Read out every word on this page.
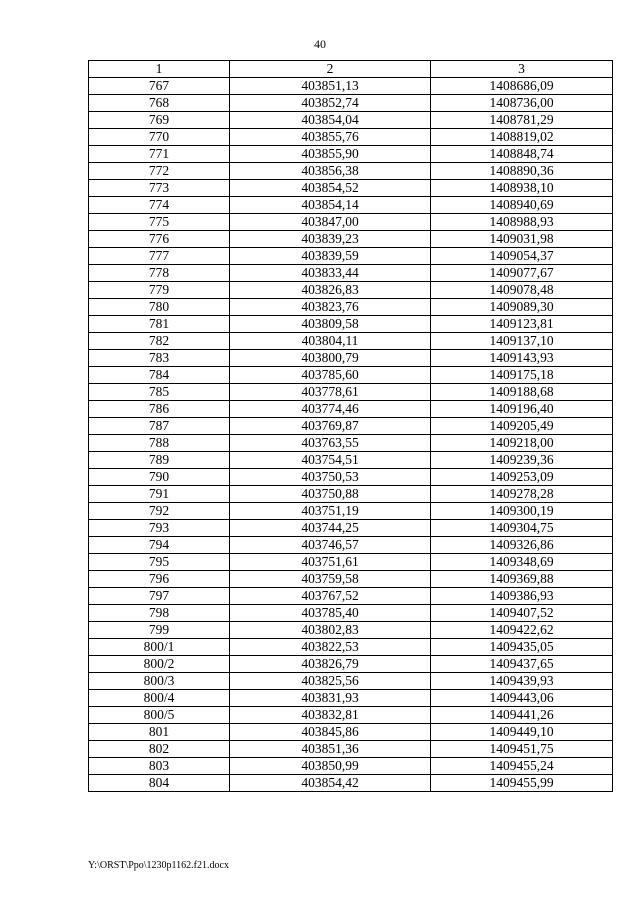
40
1	2	3
767	403851,13	1408686,09
768	403852,74	1408736,00
769	403854,04	1408781,29
770	403855,76	1408819,02
771	403855,90	1408848,74
772	403856,38	1408890,36
773	403854,52	1408938,10
774	403854,14	1408940,69
775	403847,00	1408988,93
776	403839,23	1409031,98
777	403839,59	1409054,37
778	403833,44	1409077,67
779	403826,83	1409078,48
780	403823,76	1409089,30
781	403809,58	1409123,81
782	403804,11	1409137,10
783	403800,79	1409143,93
784	403785,60	1409175,18
785	403778,61	1409188,68
786	403774,46	1409196,40
787	403769,87	1409205,49
788	403763,55	1409218,00
789	403754,51	1409239,36
790	403750,53	1409253,09
791	403750,88	1409278,28
792	403751,19	1409300,19
793	403744,25	1409304,75
794	403746,57	1409326,86
795	403751,61	1409348,69
796	403759,58	1409369,88
797	403767,52	1409386,93
798	403785,40	1409407,52
799	403802,83	1409422,62
800/1	403822,53	1409435,05
800/2	403826,79	1409437,65
800/3	403825,56	1409439,93
800/4	403831,93	1409443,06
800/5	403832,81	1409441,26
801	403845,86	1409449,10
802	403851,36	1409451,75
803	403850,99	1409455,24
804	403854,42	1409455,99
Y:\ORST\Ppo\1230p1162.f21.docx
